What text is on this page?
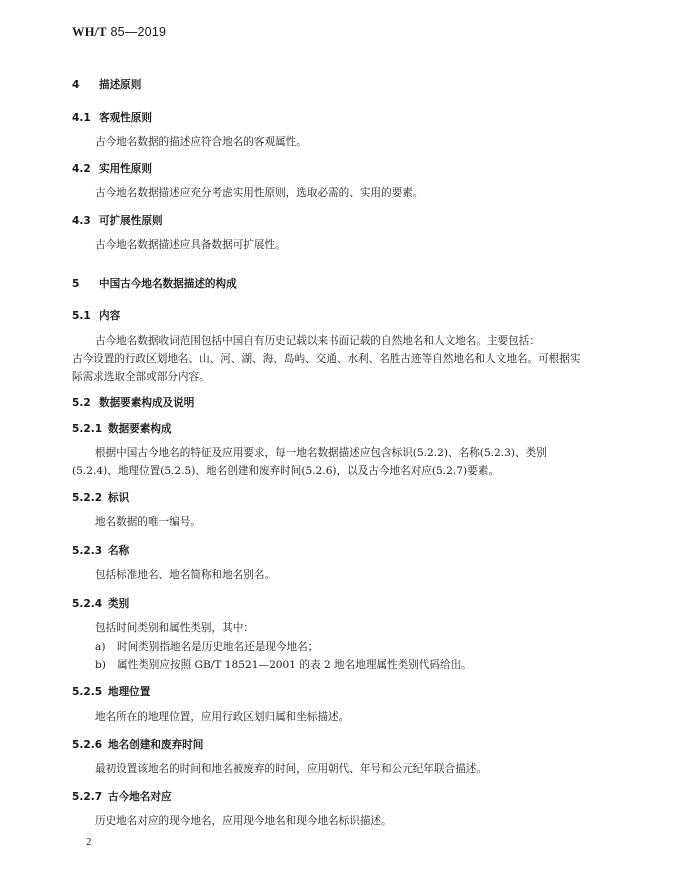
WH/T 85—2019
4 描述原则
4.1 客观性原则
古今地名数据的描述应符合地名的客观属性。
4.2 实用性原则
古今地名数据描述应充分考虑实用性原则，选取必需的、实用的要素。
4.3 可扩展性原则
古今地名数据描述应具备数据可扩展性。
5 中国古今地名数据描述的构成
5.1 内容
古今地名数据收词范围包括中国自有历史记载以来书面记载的自然地名和人文地名。主要包括：
古今设置的行政区划地名、山、河、湖、海、岛屿、交通、水利、名胜古迹等自然地名和人文地名。可根据实
际需求选取全部或部分内容。
5.2 数据要素构成及说明
5.2.1 数据要素构成
根据中国古今地名的特征及应用要求，每一地名数据描述应包含标识(5.2.2)、名称(5.2.3)、类别
(5.2.4)、地理位置(5.2.5)、地名创建和废弃时间(5.2.6)，以及古今地名对应(5.2.7)要素。
5.2.2 标识
地名数据的唯一编号。
5.2.3 名称
包括标准地名、地名简称和地名别名。
5.2.4 类别
包括时间类别和属性类别，其中：
a) 时间类别指地名是历史地名还是现今地名；
b) 属性类别应按照 GB/T 18521—2001 的表 2 地名地理属性类别代码给出。
5.2.5 地理位置
地名所在的地理位置，应用行政区划归属和坐标描述。
5.2.6 地名创建和废弃时间
最初设置该地名的时间和地名被废弃的时间，应用朝代、年号和公元纪年联合描述。
5.2.7 古今地名对应
历史地名对应的现今地名，应用现今地名和现今地名标识描述。
2
